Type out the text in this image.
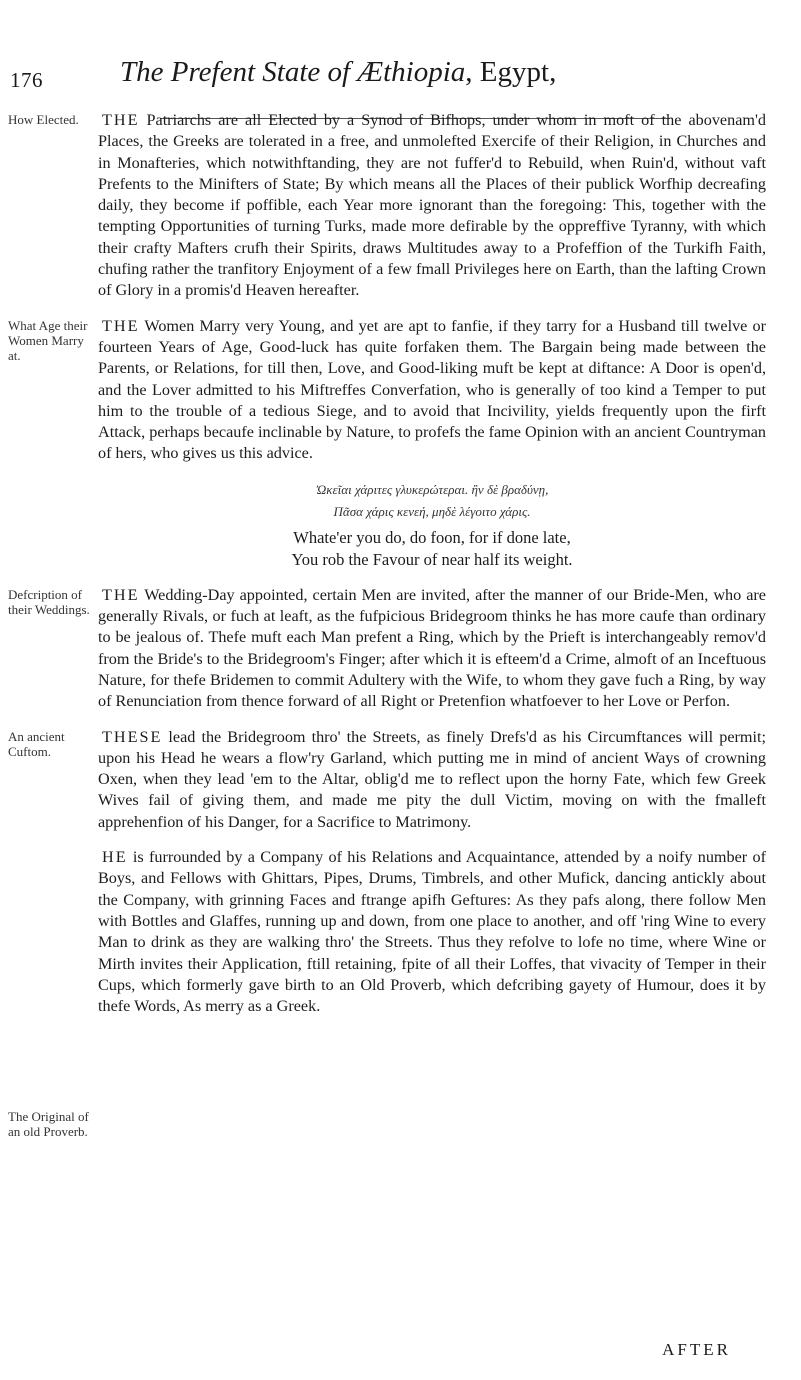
176	The Prefent State of Æthiopia, Egypt,
How Elected.	THE Patriarchs are all Elected by a Synod of Bifhops, under whom in moft of the abovenam'd Places, the Greeks are tolerated in a free, and unmolefted Exercife of their Religion, in Churches and in Monafteries, which notwithftanding, they are not fuffer'd to Rebuild, when Ruin'd, without vaft Prefents to the Minifters of State; By which means all the Places of their publick Worfhip decreafing daily, they become if poffible, each Year more ignorant than the foregoing: This, together with the tempting Opportunities of turning Turks, made more defirable by the oppreffive Tyranny, with which their crafty Mafters crufh their Spirits, draws Multitudes away to a Profeffion of the Turkifh Faith, chufing rather the tranfitory Enjoyment of a few fmall Privileges here on Earth, than the lafting Crown of Glory in a promis'd Heaven hereafter.

What Age their Women Marry at.

THE Women Marry very Young, and yet are apt to fanfie, if they tarry for a Husband till twelve or fourteen Years of Age, Good-luck has quite forfaken them. The Bargain being made between the Parents, or Relations, for till then, Love, and Good-liking muft be kept at diftance: A Door is open'd, and the Lover admitted to his Miftreffes Converfation, who is generally of too kind a Temper to put him to the trouble of a tedious Siege, and to avoid that Incivility, yields frequently upon the firft Attack, perhaps becaufe inclinable by Nature, to profefs the fame Opinion with an ancient Countryman of hers, who gives us this advice.

Ὠκεῖαι χάριτες γλυκερώτεραι. ἢν δὲ βραδύνῃ,
Πᾶσα χάρις κενεή, μηδὲ λέγοιτο χάρις.
Whate'er you do, do foon, for if done late,
You rob the Favour of near half its weight.
Defcription of their Weddings.

THE Wedding-Day appointed, certain Men are invited, after the manner of our Bride-Men, who are generally Rivals, or fuch at leaft, as the fufpicious Bridegroom thinks he has more caufe than ordinary to be jealous of. Thefe muft each Man prefent a Ring, which by the Prieft is interchangeably remov'd from the Bride's to the Bridegroom's Finger; after which it is efteem'd a Crime, almoft of an Inceftuous Nature, for thefe Bridemen to commit Adultery with the Wife, to whom they gave fuch a Ring, by way of Renunciation from thence forward of all Right or Pretenfion whatfoever to her Love or Perfon.

An ancient Cuftom.

THESE lead the Bridegroom thro' the Streets, as finely Drefs'd as his Circumftances will permit; upon his Head he wears a flow'ry Garland, which putting me in mind of ancient Ways of crowning Oxen, when they lead 'em to the Altar, oblig'd me to reflect upon the horny Fate, which few Greek Wives fail of giving them, and made me pity the dull Victim, moving on with the fmalleft apprehenfion of his Danger, for a Sacrifice to Matrimony.

The Original of an old Proverb.

HE is furrounded by a Company of his Relations and Acquaintance, attended by a noify number of Boys, and Fellows with Ghittars, Pipes, Drums, Timbrels, and other Mufick, dancing antickly about the Company, with grinning Faces and ftrange apifh Geftures: As they pafs along, there follow Men with Bottles and Glaffes, running up and down, from one place to another, and off 'ring Wine to every Man to drink as they are walking thro' the Streets. Thus they refolve to lofe no time, where Wine or Mirth invites their Application, ftill retaining, fpite of all their Loffes, that vivacity of Temper in their Cups, which formerly gave birth to an Old Proverb, which defcribing gayety of Humour, does it by thefe Words, As merry as a Greek.

AFTER
